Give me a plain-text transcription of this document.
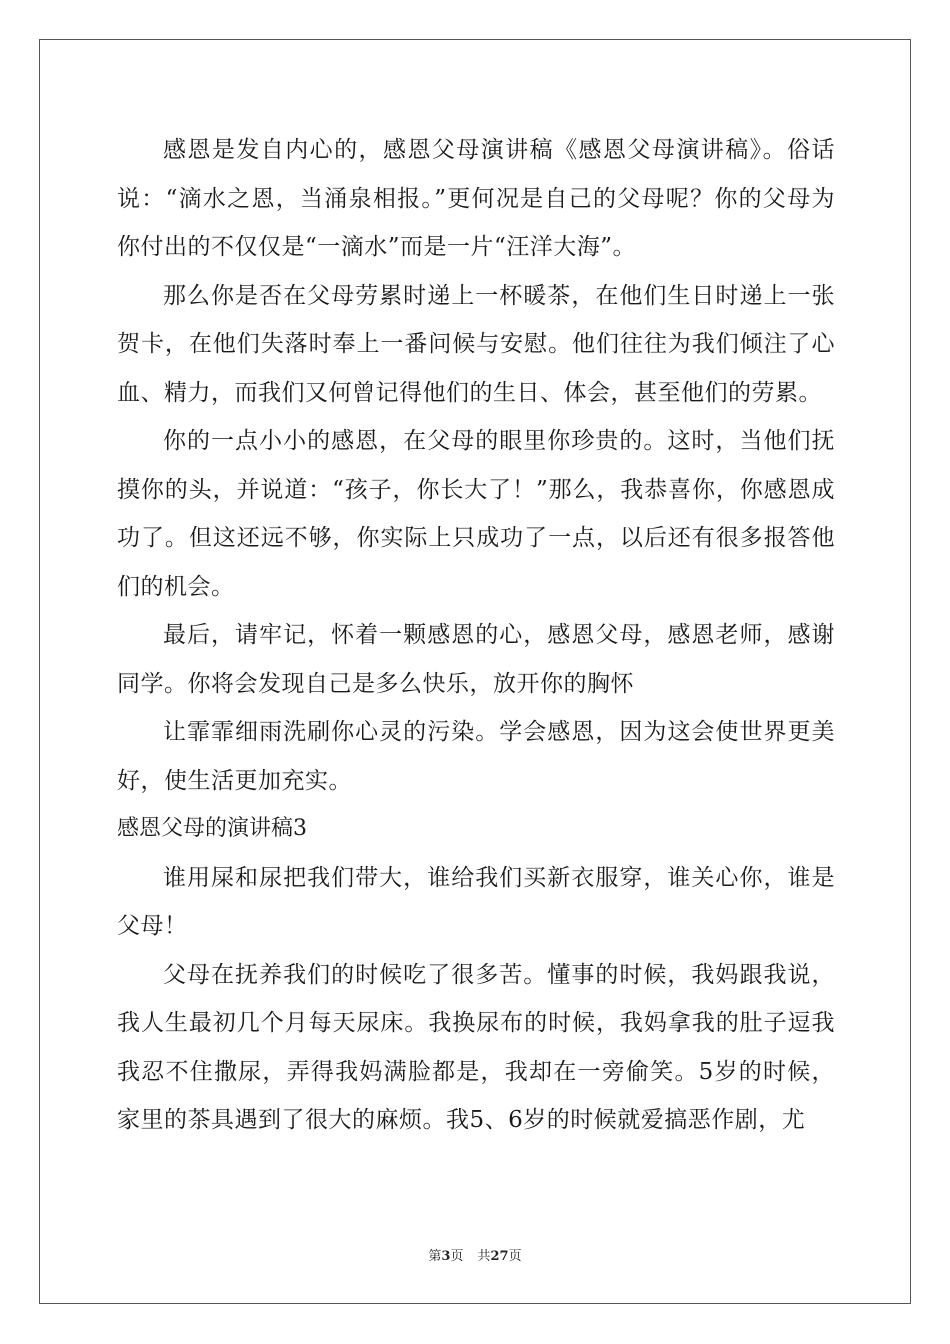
感恩是发自内心的，感恩父母演讲稿《感恩父母演讲稿》。俗话说：“滴水之恩，当涌泉相报。”更何况是自己的父母呢？你的父母为你付出的不仅仅是“一滴水”而是一片“汪洋大海”。

那么你是否在父母劳累时递上一杯暖茶，在他们生日时递上一张贺卡，在他们失落时奉上一番问候与安慰。他们往往为我们倾注了心血、精力，而我们又何曾记得他们的生日、体会，甚至他们的劳累。

你的一点小小的感恩，在父母的眼里你珍贵的。这时，当他们抚摸你的头，并说道：“孩子，你长大了！”那么，我恭喜你，你感恩成功了。但这还远不够，你实际上只成功了一点，以后还有很多报答他们的机会。

最后，请牢记，怀着一颗感恩的心，感恩父母，感恩老师，感谢同学。你将会发现自己是多么快乐，放开你的胸怀

让霏霏细雨洗刷你心灵的污染。学会感恩，因为这会使世界更美好，使生活更加充实。

感恩父母的演讲稿3

谁用屎和尿把我们带大，谁给我们买新衣服穿，谁关心你，谁是父母！

父母在抚养我们的时候吃了很多苦。懂事的时候，我妈跟我说，我人生最初几个月每天尿床。我换尿布的时候，我妈拿我的肚子逗我我忍不住撒尿，弄得我妈满脸都是，我却在一旁偷笑。5岁的时候，家里的茶具遇到了很大的麻烦。我5、6岁的时候就爱搞恶作剧，尤

第3页 共27页
